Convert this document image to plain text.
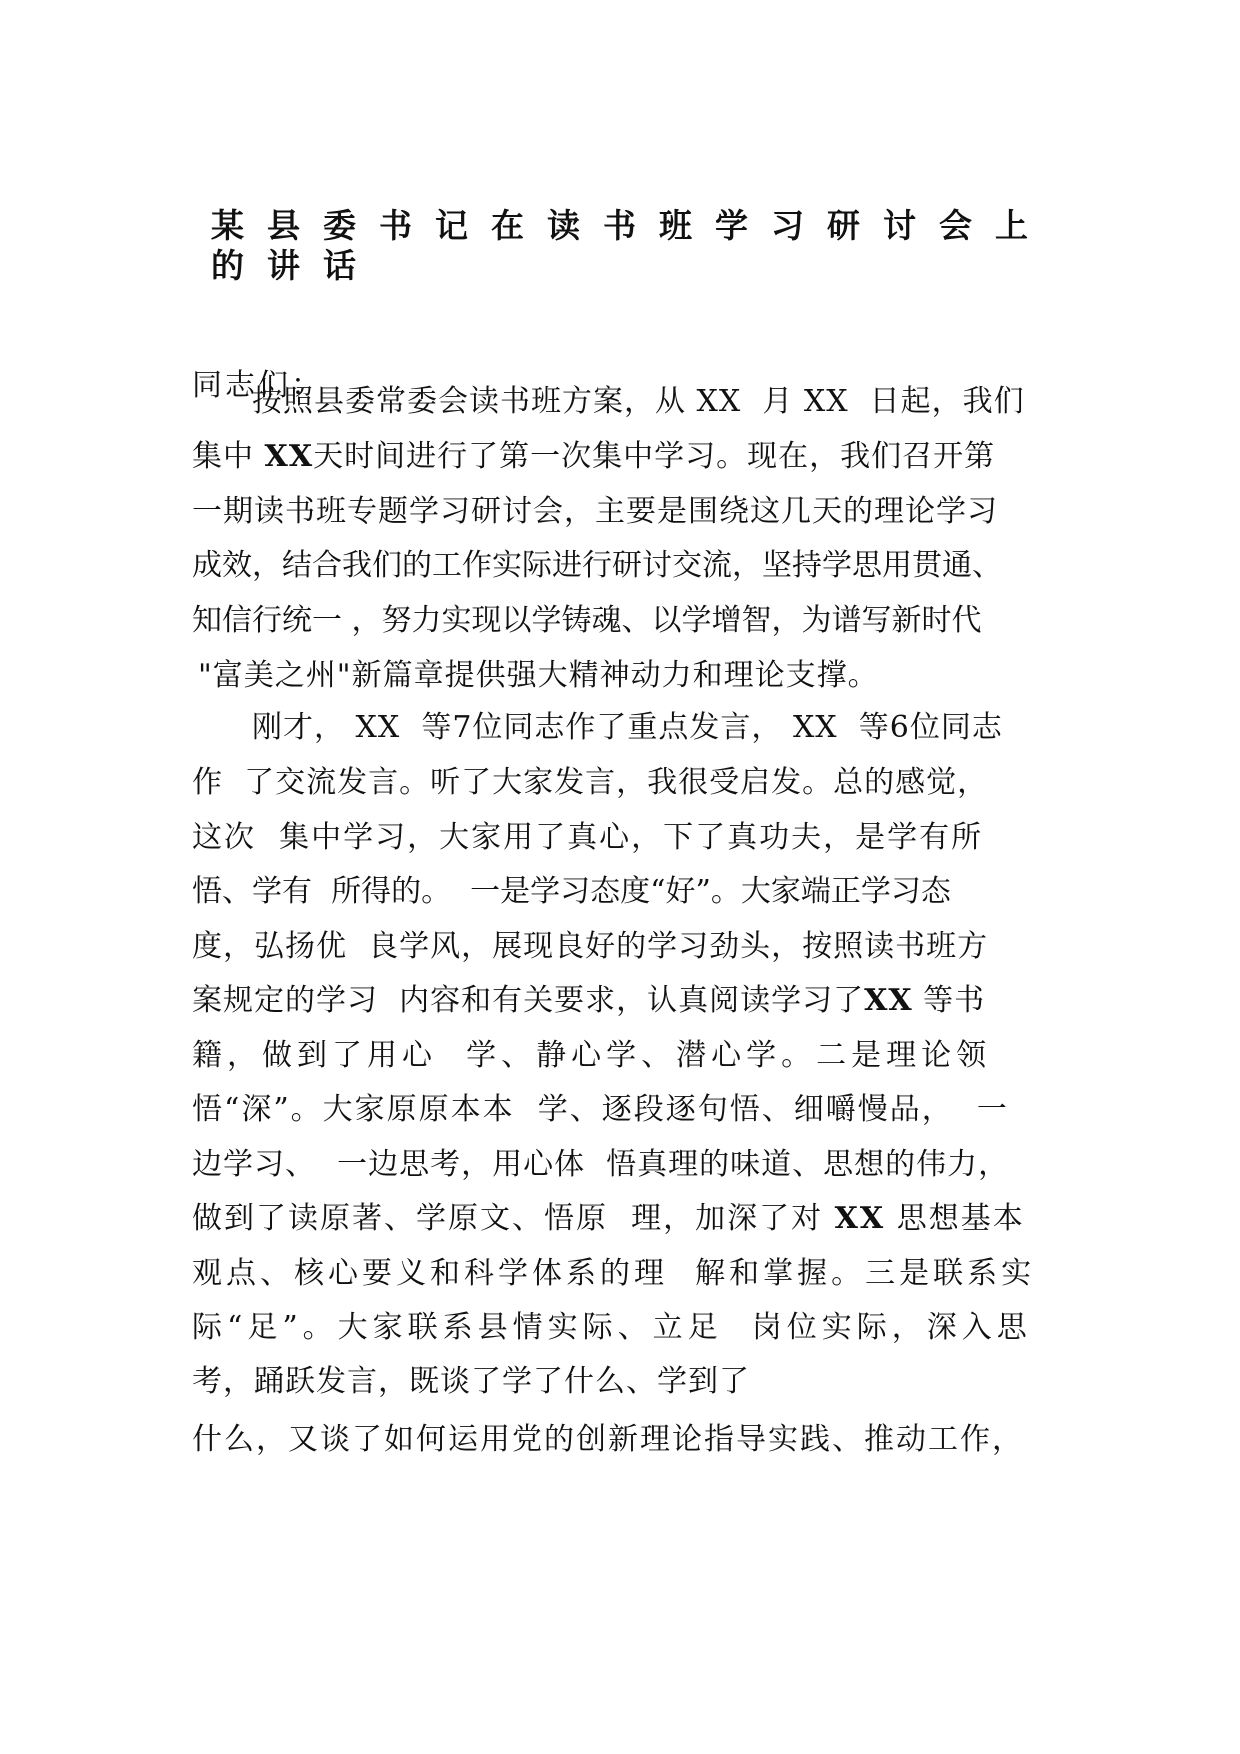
某县委书记在读书班学习研讨会上的讲话
同志们：
按照县委常委会读书班方案，从 XX  月 XX  日起，我们
集中 XX天时间进行了第一次集中学习。现在，我们召开第
一期读书班专题学习研讨会，主要是围绕这几天的理论学习
成效，结合我们的工作实际进行研讨交流，坚持学思用贯通、
知信行统一 ，努力实现以学铸魂、以学增智，为谱写新时代
"富美之州"新篇章提供强大精神动力和理论支撑。
刚才， XX  等7位同志作了重点发言， XX  等6位同志
作  了交流发言。听了大家发言，我很受启发。总的感觉，
这次  集中学习，大家用了真心，下了真功夫，是学有所
悟、学有  所得的。  一是学习态度“好”。大家端正学习态
度，弘扬优  良学风，展现良好的学习劲头，按照读书班方
案规定的学习  内容和有关要求，认真阅读学习了XX 等书
籍，做到了用心  学、静心学、潜心学。二是理论领
悟“深”。大家原原本本  学、逐段逐句悟、细嚼慢品，  一
边学习、  一边思考，用心体  悟真理的味道、思想的伟力，
做到了读原著、学原文、悟原  理，加深了对 XX 思想基本
观点、核心要义和科学体系的理  解和掌握。三是联系实
际“足”。大家联系县情实际、立足  岗位实际，深入思
考，踊跃发言，既谈了学了什么、学到了
什么，又谈了如何运用党的创新理论指导实践、推动工作，
